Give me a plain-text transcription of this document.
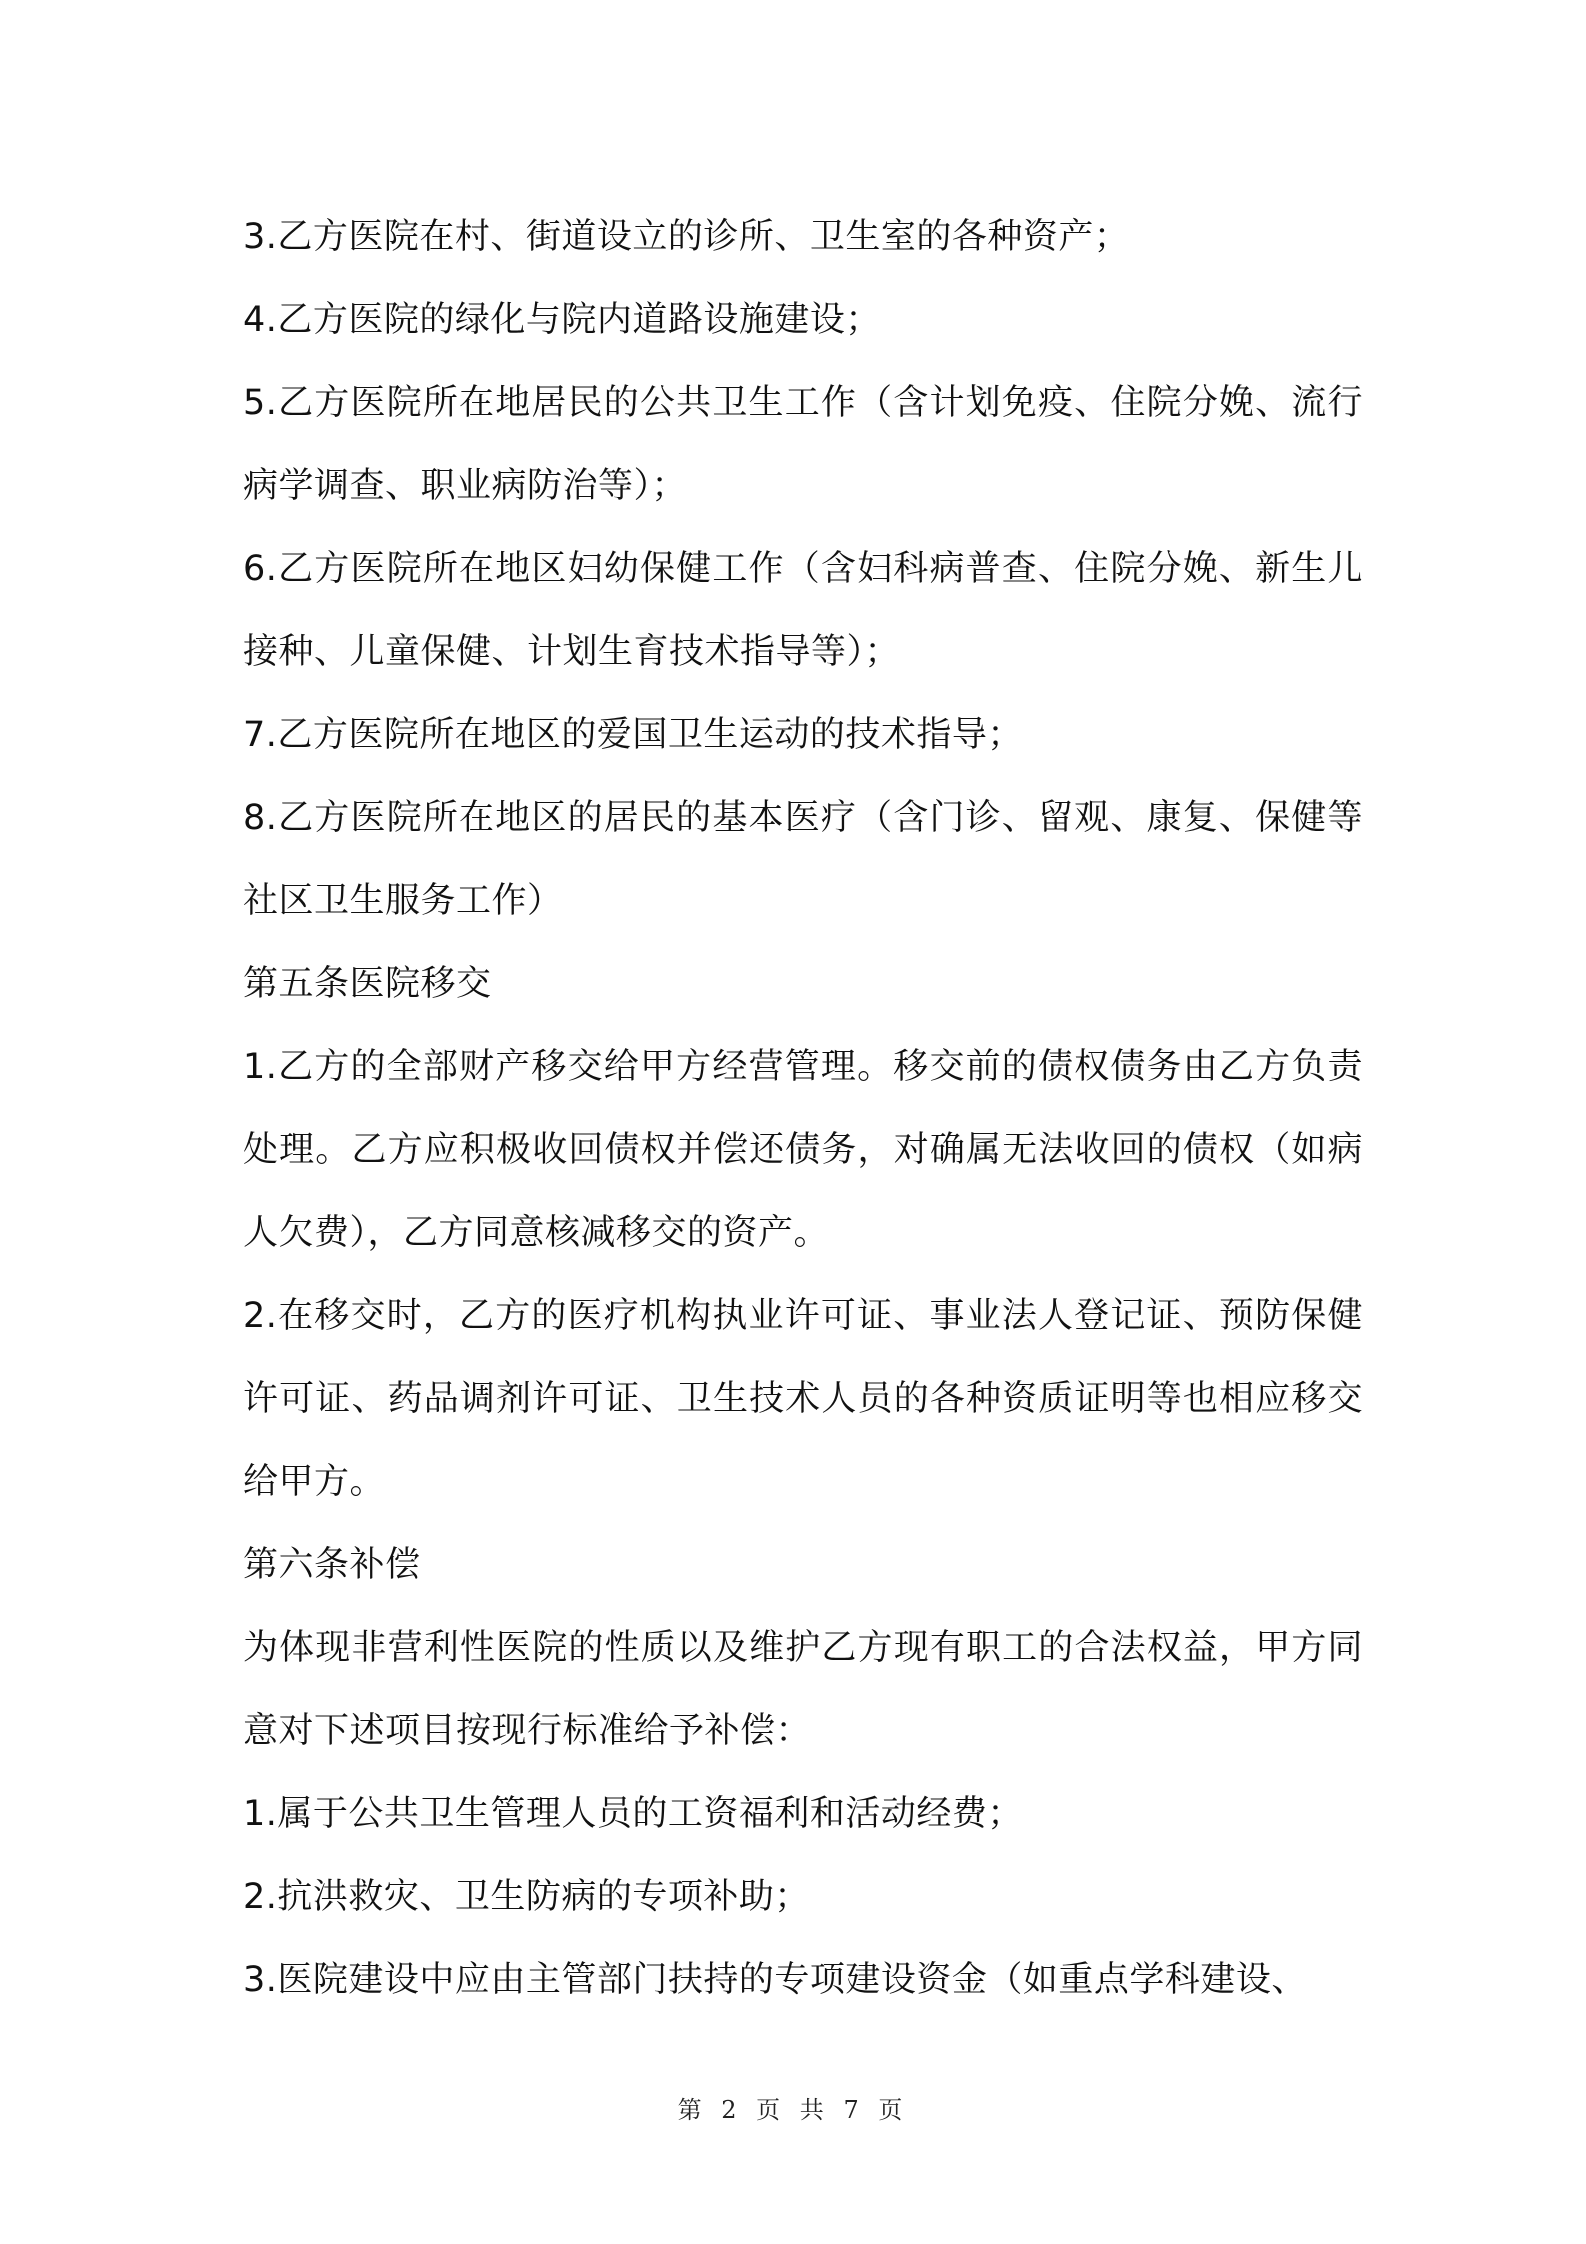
3.乙方医院在村、街道设立的诊所、卫生室的各种资产；

4.乙方医院的绿化与院内道路设施建设；

5.乙方医院所在地居民的公共卫生工作（含计划免疫、住院分娩、流行病学调查、职业病防治等）；

6.乙方医院所在地区妇幼保健工作（含妇科病普查、住院分娩、新生儿接种、儿童保健、计划生育技术指导等）；

7.乙方医院所在地区的爱国卫生运动的技术指导；

8.乙方医院所在地区的居民的基本医疗（含门诊、留观、康复、保健等社区卫生服务工作）

第五条医院移交

1.乙方的全部财产移交给甲方经营管理。移交前的债权债务由乙方负责处理。乙方应积极收回债权并偿还债务，对确属无法收回的债权（如病人欠费），乙方同意核减移交的资产。

2.在移交时，乙方的医疗机构执业许可证、事业法人登记证、预防保健许可证、药品调剂许可证、卫生技术人员的各种资质证明等也相应移交给甲方。

第六条补偿

为体现非营利性医院的性质以及维护乙方现有职工的合法权益，甲方同意对下述项目按现行标准给予补偿：

1.属于公共卫生管理人员的工资福利和活动经费；

2.抗洪救灾、卫生防病的专项补助；

3.医院建设中应由主管部门扶持的专项建设资金（如重点学科建设、

第 2 页 共 7 页
